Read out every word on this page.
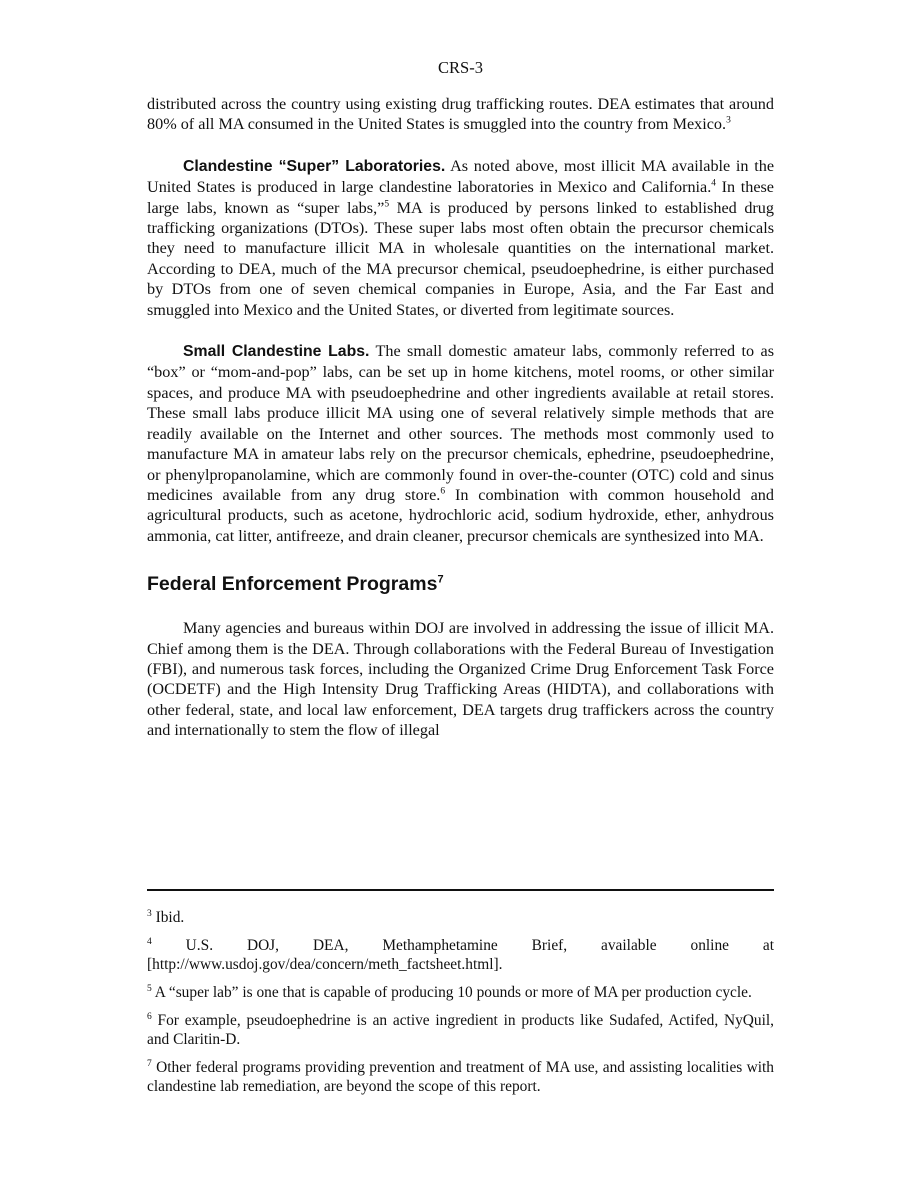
CRS-3

distributed across the country using existing drug trafficking routes. DEA estimates that around 80% of all MA consumed in the United States is smuggled into the country from Mexico.$^3$

Clandestine “Super” Laboratories. As noted above, most illicit MA available in the United States is produced in large clandestine laboratories in Mexico and California.$^4$ In these large labs, known as “super labs,”$^5$ MA is produced by persons linked to established drug trafficking organizations (DTOs). These super labs most often obtain the precursor chemicals they need to manufacture illicit MA in wholesale quantities on the international market. According to DEA, much of the MA precursor chemical, pseudoephedrine, is either purchased by DTOs from one of seven chemical companies in Europe, Asia, and the Far East and smuggled into Mexico and the United States, or diverted from legitimate sources.

Small Clandestine Labs. The small domestic amateur labs, commonly referred to as “box” or “mom-and-pop” labs, can be set up in home kitchens, motel rooms, or other similar spaces, and produce MA with pseudoephedrine and other ingredients available at retail stores. These small labs produce illicit MA using one of several relatively simple methods that are readily available on the Internet and other sources. The methods most commonly used to manufacture MA in amateur labs rely on the precursor chemicals, ephedrine, pseudoephedrine, or phenylpropanolamine, which are commonly found in over-the-counter (OTC) cold and sinus medicines available from any drug store.$^6$ In combination with common household and agricultural products, such as acetone, hydrochloric acid, sodium hydroxide, ether, anhydrous ammonia, cat litter, antifreeze, and drain cleaner, precursor chemicals are synthesized into MA.

Federal Enforcement Programs$^7$

Many agencies and bureaus within DOJ are involved in addressing the issue of illicit MA. Chief among them is the DEA. Through collaborations with the Federal Bureau of Investigation (FBI), and numerous task forces, including the Organized Crime Drug Enforcement Task Force (OCDETF) and the High Intensity Drug Trafficking Areas (HIDTA), and collaborations with other federal, state, and local law enforcement, DEA targets drug traffickers across the country and internationally to stem the flow of illegal

$^3$ Ibid.

$^4$ U.S. DOJ, DEA, Methamphetamine Brief, available online at [http://www.usdoj.gov/dea/concern/meth_factsheet.html].

$^5$ A “super lab” is one that is capable of producing 10 pounds or more of MA per production cycle.

$^6$ For example, pseudoephedrine is an active ingredient in products like Sudafed, Actifed, NyQuil, and Claritin-D.

$^7$ Other federal programs providing prevention and treatment of MA use, and assisting localities with clandestine lab remediation, are beyond the scope of this report.
